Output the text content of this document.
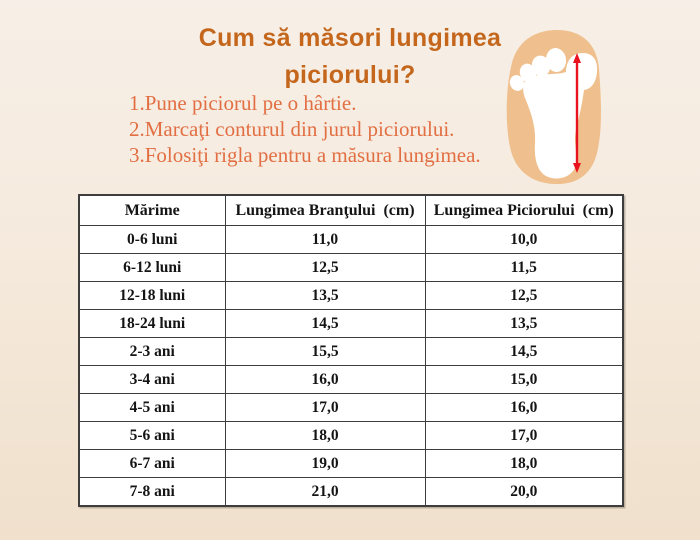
Cum să măsori lungimea
piciorului?
1.Pune piciorul pe o hârtie.
2.Marcaţi conturul din jurul piciorului.
3.Folosiţi rigla pentru a măsura lungimea.
Mărime	Lungimea Branţului  (cm)	Lungimea Piciorului  (cm)
0-6 luni	11,0	10,0
6-12 luni	12,5	11,5
12-18 luni	13,5	12,5
18-24 luni	14,5	13,5
2-3 ani	15,5	14,5
3-4 ani	16,0	15,0
4-5 ani	17,0	16,0
5-6 ani	18,0	17,0
6-7 ani	19,0	18,0
7-8 ani	21,0	20,0
